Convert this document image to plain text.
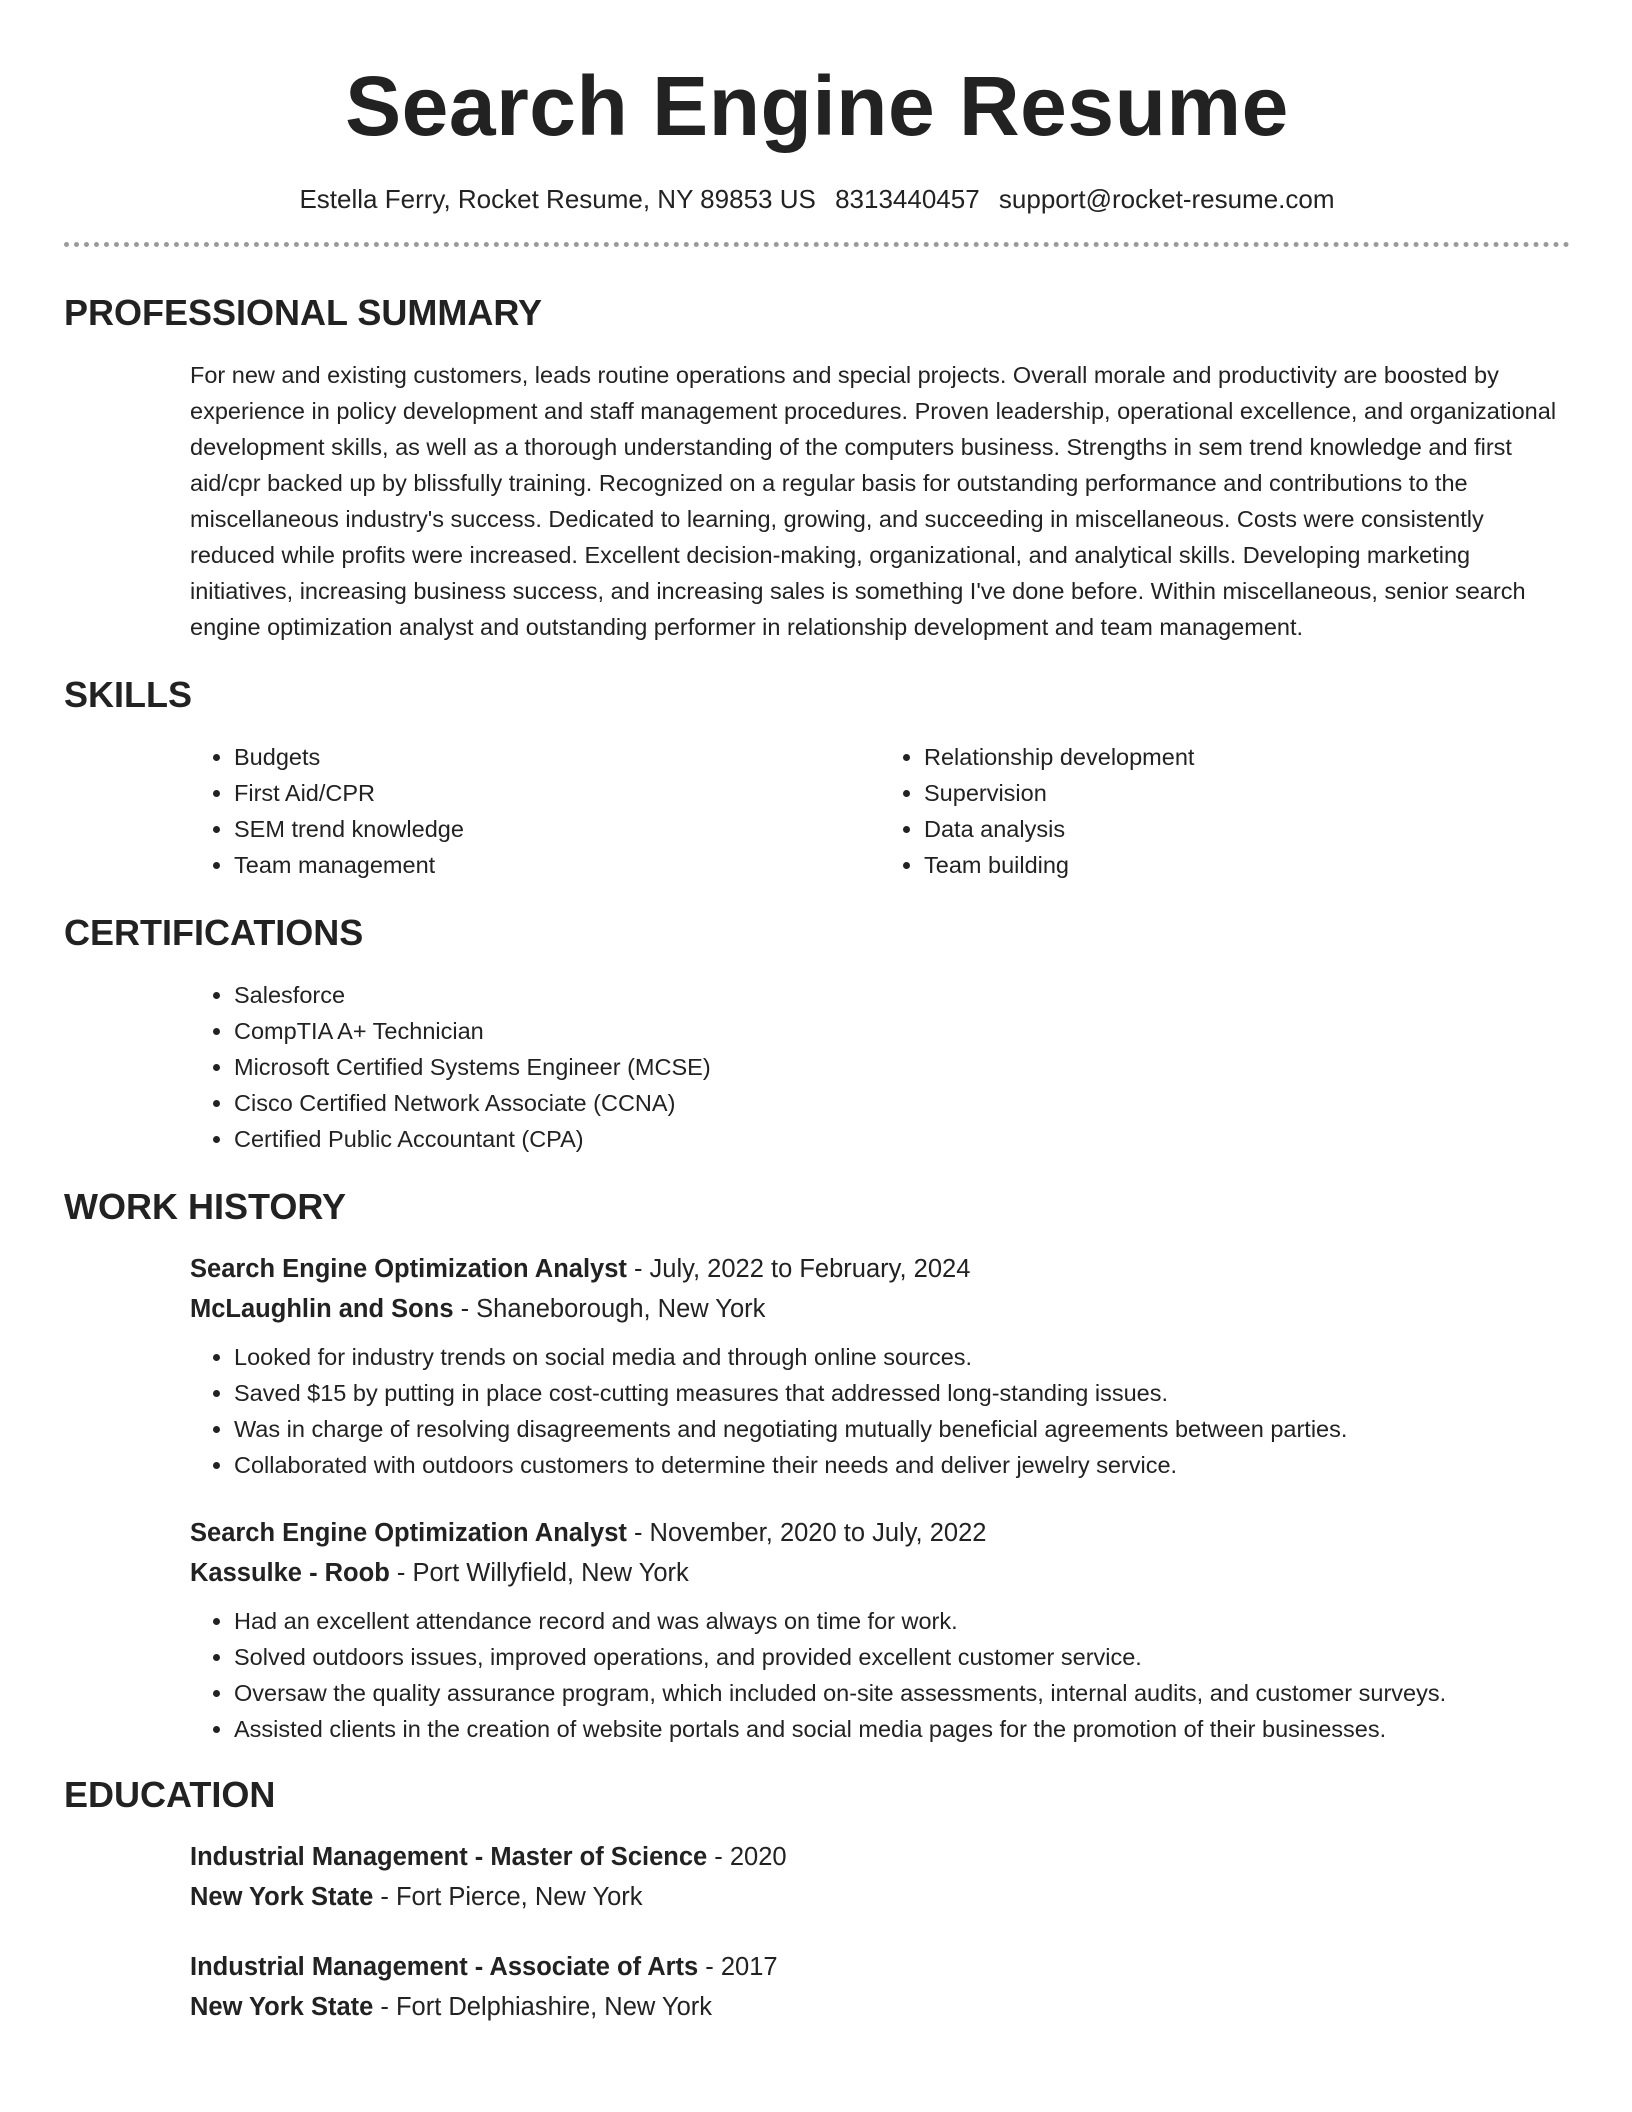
Search Engine Resume
Estella Ferry, Rocket Resume, NY 89853 US 8313440457 support@rocket-resume.com
PROFESSIONAL SUMMARY

For new and existing customers, leads routine operations and special projects. Overall morale and productivity are boosted by experience in policy development and staff management procedures. Proven leadership, operational excellence, and organizational development skills, as well as a thorough understanding of the computers business. Strengths in sem trend knowledge and first aid/cpr backed up by blissfully training. Recognized on a regular basis for outstanding performance and contributions to the miscellaneous industry's success. Dedicated to learning, growing, and succeeding in miscellaneous. Costs were consistently reduced while profits were increased. Excellent decision-making, organizational, and analytical skills. Developing marketing initiatives, increasing business success, and increasing sales is something I've done before. Within miscellaneous, senior search engine optimization analyst and outstanding performer in relationship development and team management.

SKILLS
• Budgets
• First Aid/CPR
• SEM trend knowledge
• Team management
• Relationship development
• Supervision
• Data analysis
• Team building
CERTIFICATIONS
• Salesforce
• CompTIA A+ Technician
• Microsoft Certified Systems Engineer (MCSE)
• Cisco Certified Network Associate (CCNA)
• Certified Public Accountant (CPA)
WORK HISTORY
Search Engine Optimization Analyst - July, 2022 to February, 2024
McLaughlin and Sons - Shaneborough, New York
• Looked for industry trends on social media and through online sources.
• Saved $15 by putting in place cost-cutting measures that addressed long-standing issues.
• Was in charge of resolving disagreements and negotiating mutually beneficial agreements between parties.
• Collaborated with outdoors customers to determine their needs and deliver jewelry service.
Search Engine Optimization Analyst - November, 2020 to July, 2022
Kassulke - Roob - Port Willyfield, New York
• Had an excellent attendance record and was always on time for work.
• Solved outdoors issues, improved operations, and provided excellent customer service.
• Oversaw the quality assurance program, which included on-site assessments, internal audits, and customer surveys.
• Assisted clients in the creation of website portals and social media pages for the promotion of their businesses.
EDUCATION
Industrial Management - Master of Science - 2020
New York State - Fort Pierce, New York
Industrial Management - Associate of Arts - 2017
New York State - Fort Delphiashire, New York
